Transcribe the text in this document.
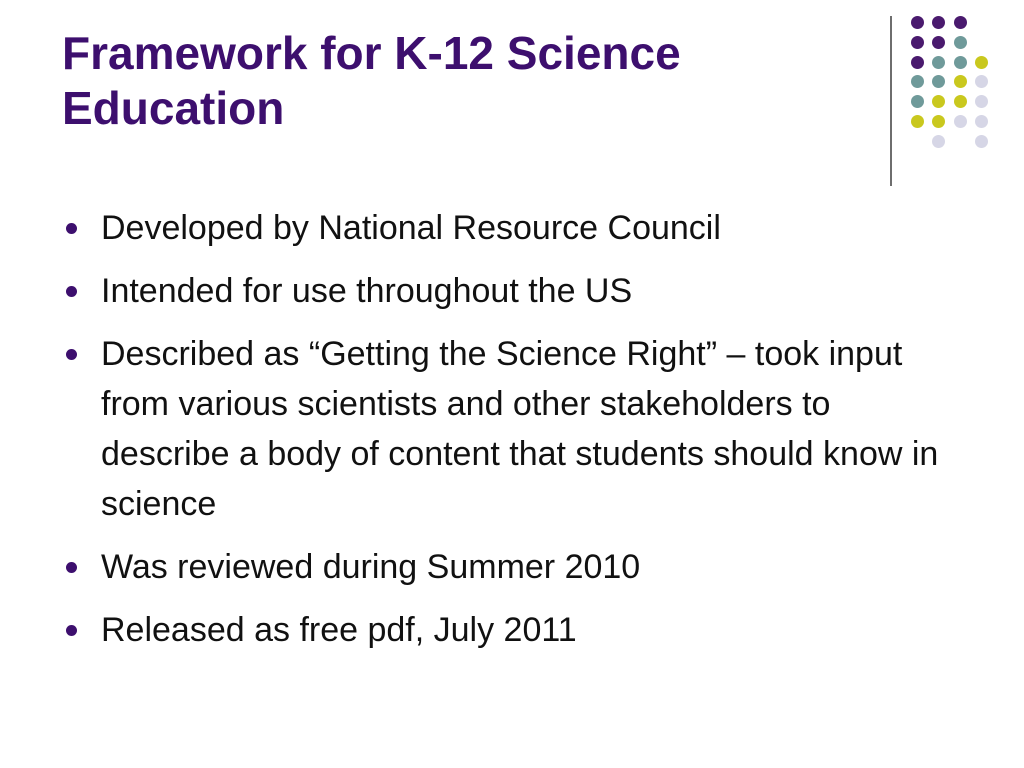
Framework for K-12 Science
Education
Developed by National Resource Council
Intended for use throughout the US
Described as “Getting the Science Right” – took input from various scientists and other stakeholders to describe a body of content that students should know in science
Was reviewed during Summer 2010
Released as free pdf, July 2011
